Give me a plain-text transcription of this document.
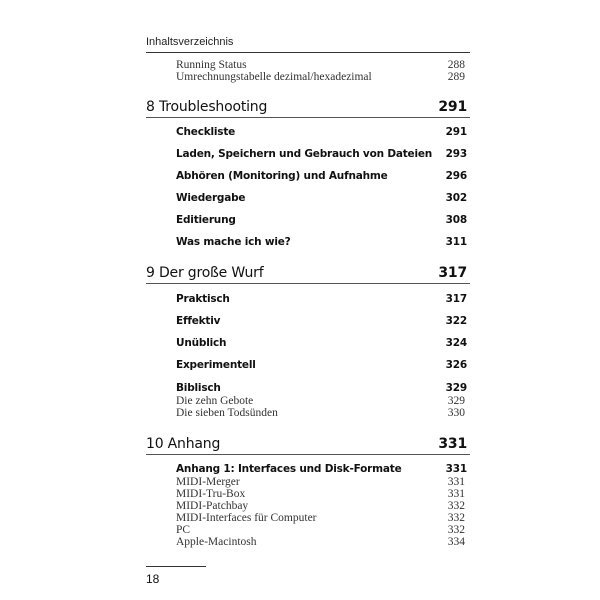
Inhaltsverzeichnis
Running Status	288
Umrechnungstabelle dezimal/hexadezimal	289
8 Troubleshooting	291
Checkliste	291
Laden, Speichern und Gebrauch von Dateien 293
Abhören (Monitoring) und Aufnahme	296
Wiedergabe	302
Editierung	308
Was mache ich wie?	311
9 Der große Wurf	317
Praktisch	317
Effektiv	322
Unüblich	324
Experimentell	326
Biblisch	329
Die zehn Gebote	329
Die sieben Todsünden	330
10 Anhang	331
Anhang 1: Interfaces und Disk-Formate	331
MIDI-Merger	331
MIDI-Tru-Box	331
MIDI-Patchbay	332
MIDI-Interfaces für Computer	332
PC	332
Apple-Macintosh	334
18
